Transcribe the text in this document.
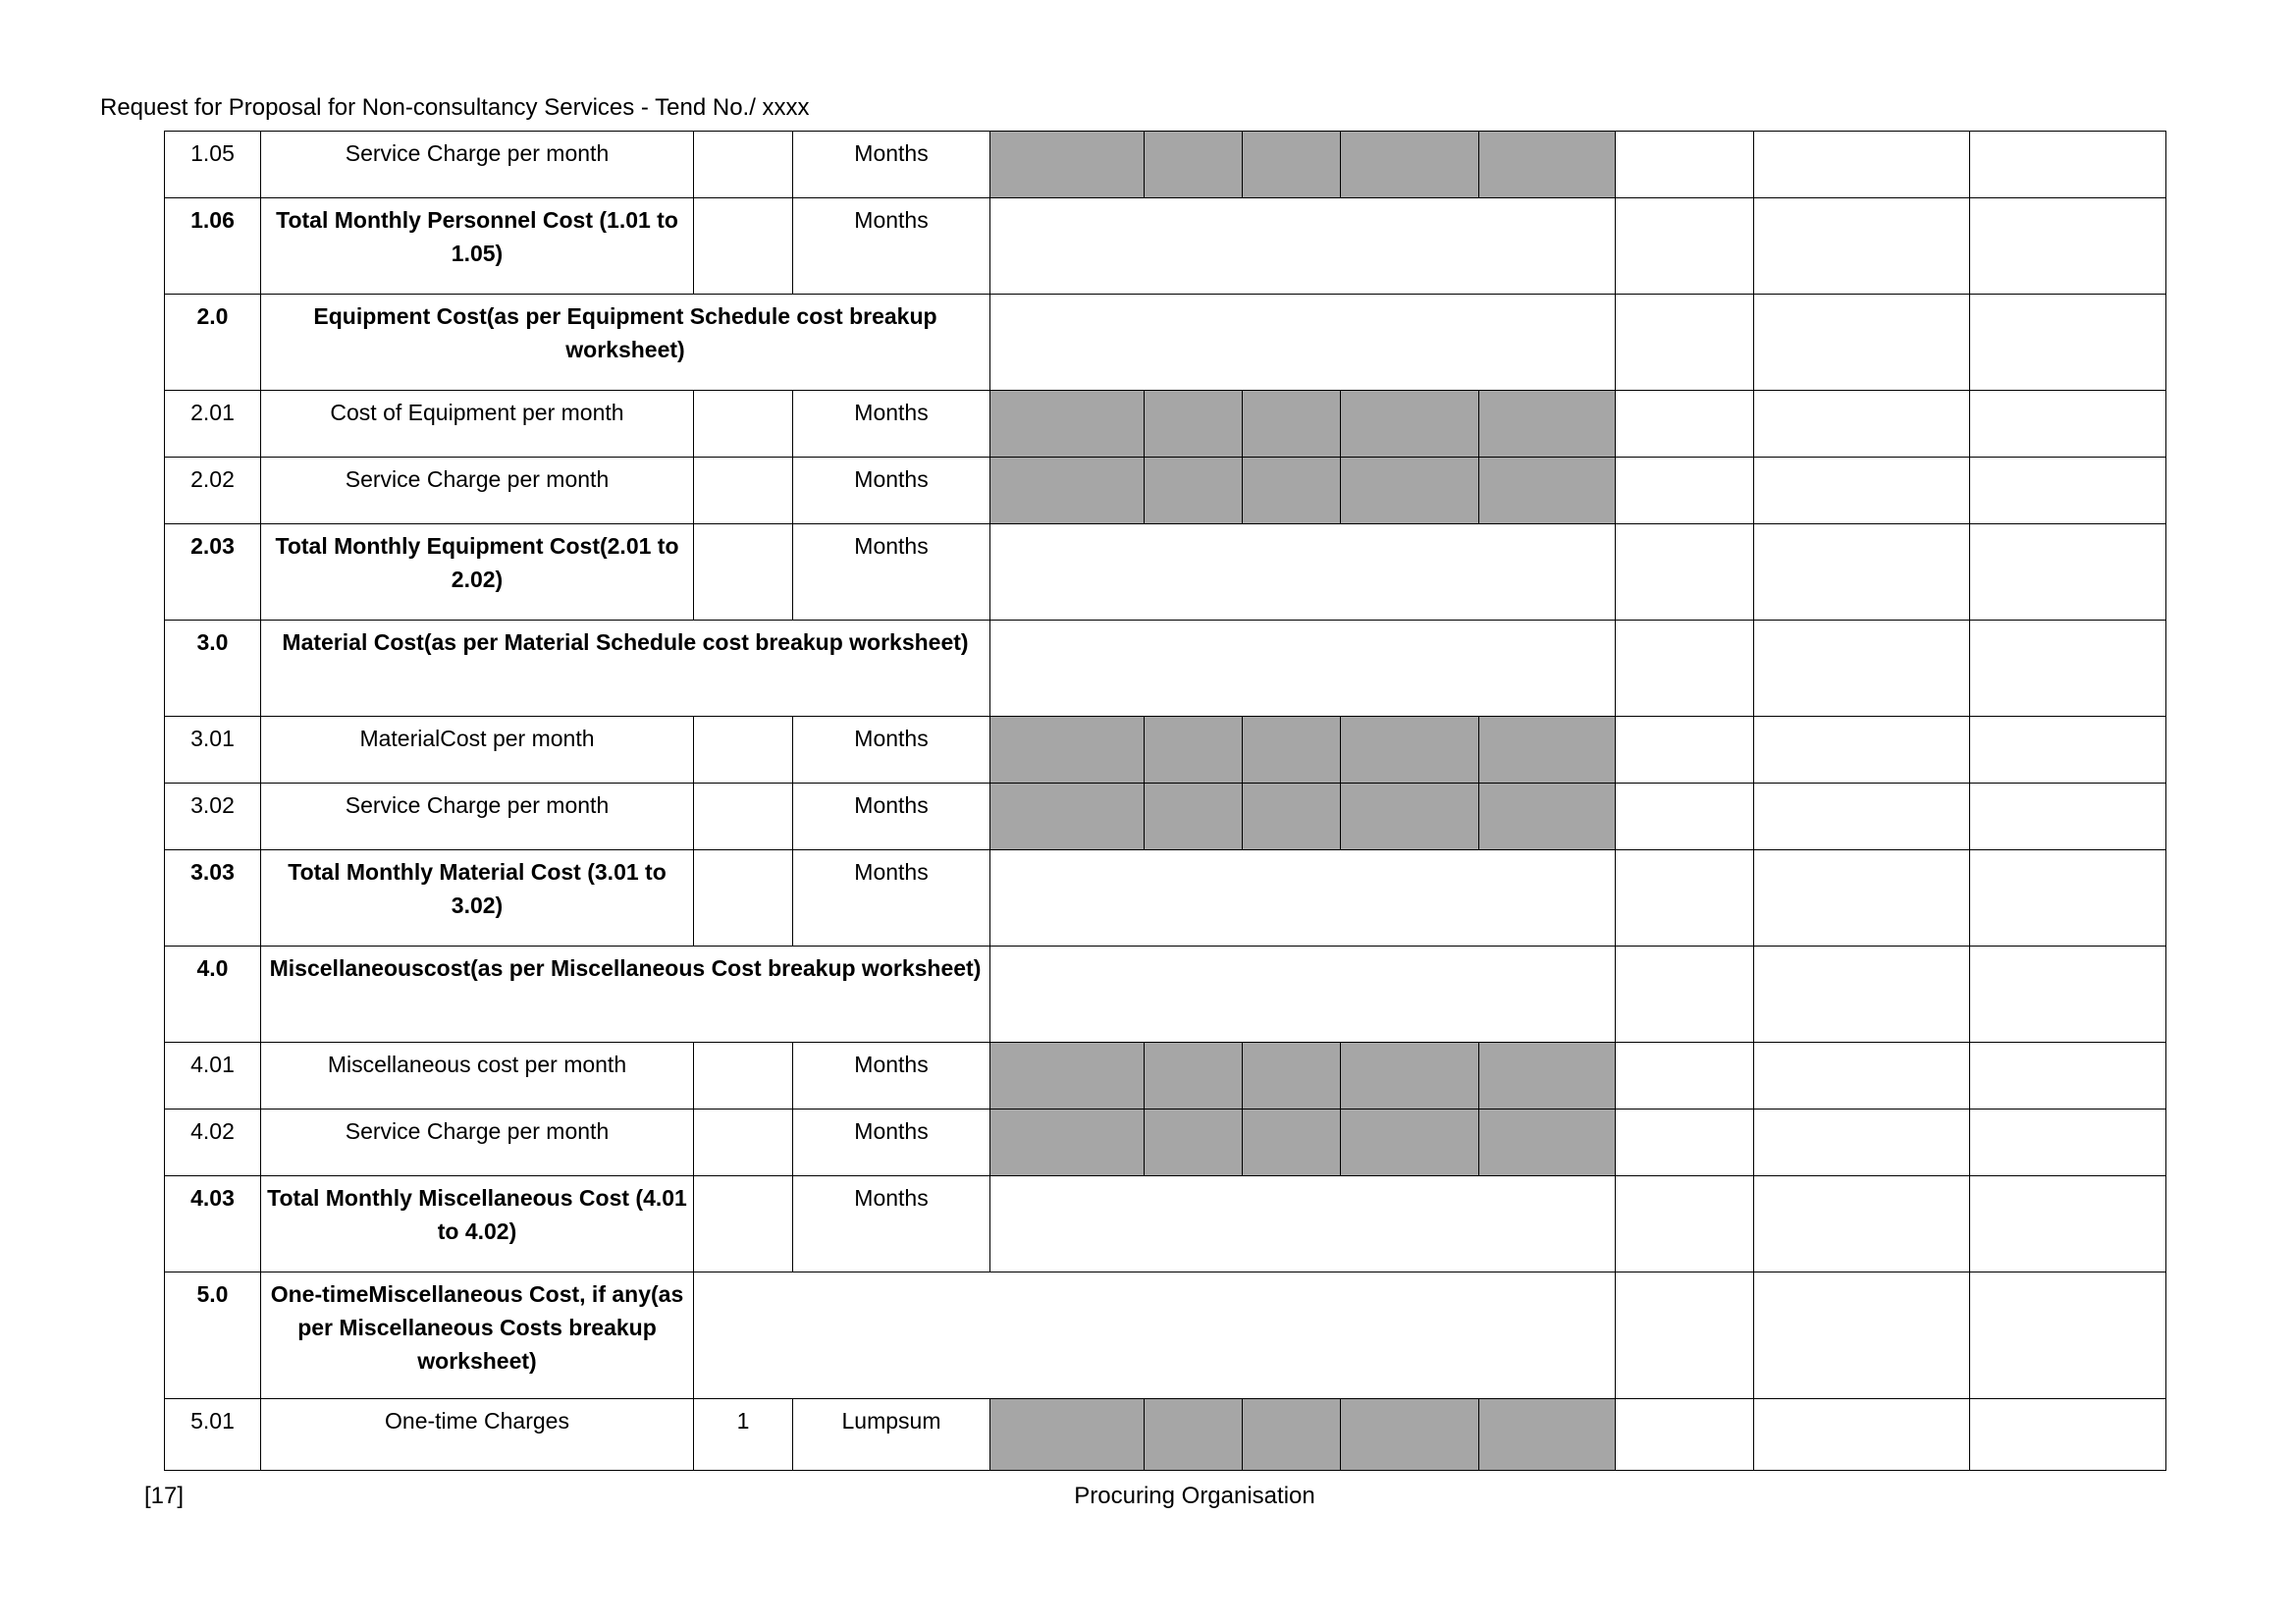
Request for Proposal for Non-consultancy Services - Tend No./ xxxx
1.05	Service Charge per month		Months								
1.06	Total Monthly Personnel Cost (1.01 to 1.05)		Months								
2.0	Equipment Cost(as per Equipment Schedule cost breakup worksheet)										
2.01	Cost of Equipment per month		Months								
2.02	Service Charge per month		Months								
2.03	Total Monthly Equipment Cost(2.01 to 2.02)		Months								
3.0	Material Cost(as per Material Schedule cost breakup worksheet)										
3.01	MaterialCost per month		Months								
3.02	Service Charge per month		Months								
3.03	Total Monthly Material Cost (3.01 to 3.02)		Months								
4.0	Miscellaneouscost(as per Miscellaneous Cost breakup worksheet)										
4.01	Miscellaneous cost per month		Months								
4.02	Service Charge per month		Months								
4.03	Total Monthly Miscellaneous Cost (4.01 to 4.02)		Months								
5.0	One-timeMiscellaneous Cost, if any(as per Miscellaneous Costs breakup worksheet)										
5.01	One-time Charges	1	Lumpsum								
[17]	Procuring Organisation
